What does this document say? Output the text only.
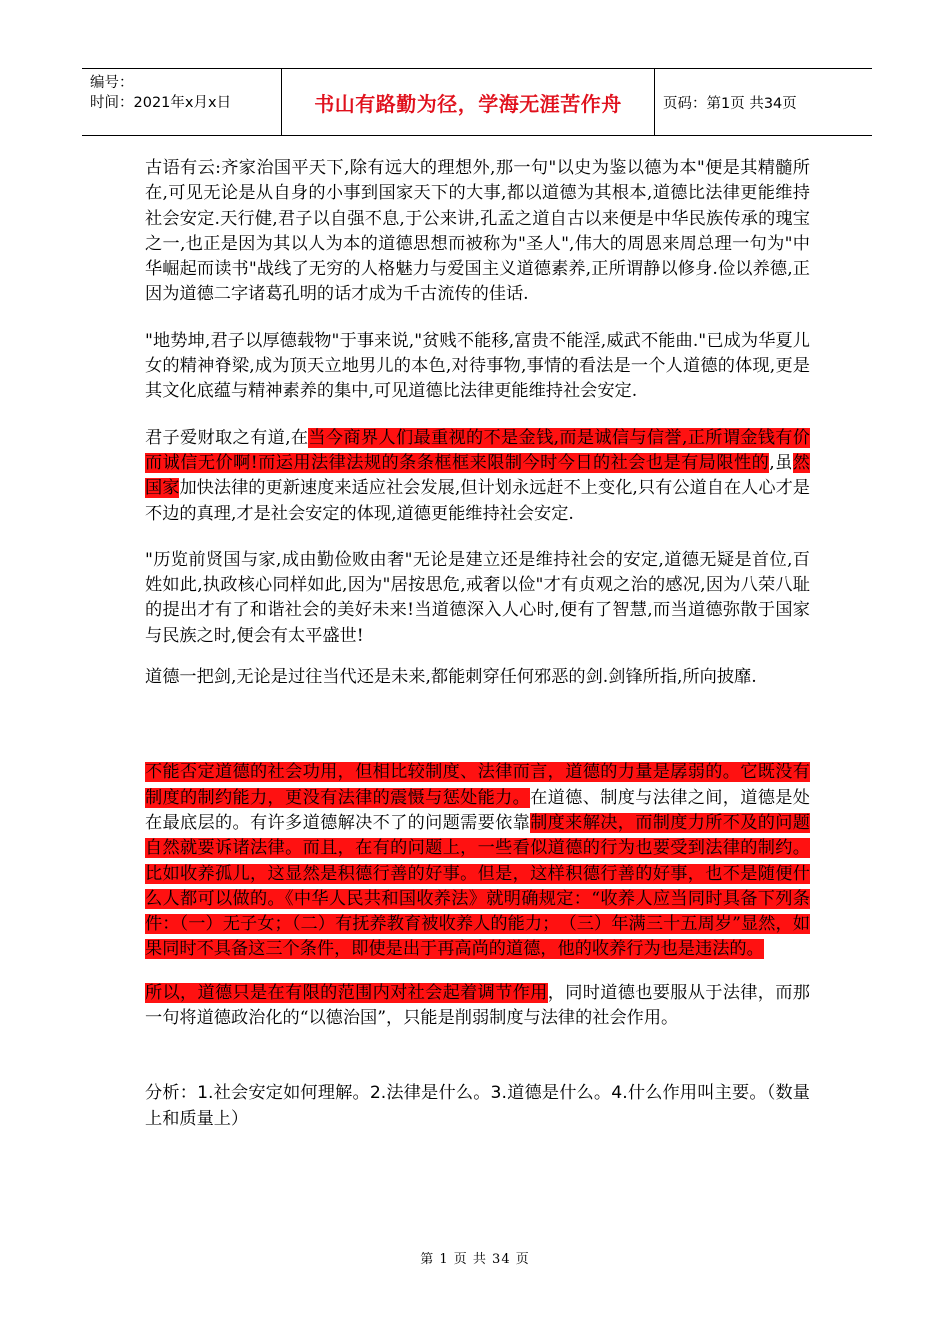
编号：
时间：2021年x月x日	书山有路勤为径，学海无涯苦作舟	页码：第1页 共34页

古语有云:齐家治国平天下,除有远大的理想外,那一句"以史为鉴以德为本"便是其精髓所在,可见无论是从自身的小事到国家天下的大事,都以道德为其根本,道德比法律更能维持社会安定.天行健,君子以自强不息,于公来讲,孔孟之道自古以来便是中华民族传承的瑰宝之一,也正是因为其以人为本的道德思想而被称为"圣人",伟大的周恩来周总理一句为"中华崛起而读书"战线了无穷的人格魅力与爱国主义道德素养,正所谓静以修身.俭以养德,正因为道德二字诸葛孔明的话才成为千古流传的佳话.

"地势坤,君子以厚德载物"于事来说,"贫贱不能移,富贵不能淫,威武不能曲."已成为华夏儿女的精神脊梁,成为顶天立地男儿的本色,对待事物,事情的看法是一个人道德的体现,更是其文化底蕴与精神素养的集中,可见道德比法律更能维持社会安定.

君子爱财取之有道,在当今商界人们最重视的不是金钱,而是诚信与信誉,正所谓金钱有价而诚信无价啊!而运用法律法规的条条框框来限制今时今日的社会也是有局限性的,虽然国家加快法律的更新速度来适应社会发展,但计划永远赶不上变化,只有公道自在人心才是不边的真理,才是社会安定的体现,道德更能维持社会安定.

"历览前贤国与家,成由勤俭败由奢"无论是建立还是维持社会的安定,道德无疑是首位,百姓如此,执政核心同样如此,因为"居按思危,戒奢以俭"才有贞观之治的感况,因为八荣八耻的提出才有了和谐社会的美好未来!当道德深入人心时,便有了智慧,而当道德弥散于国家与民族之时,便会有太平盛世!

道德一把剑,无论是过往当代还是未来,都能刺穿任何邪恶的剑.剑锋所指,所向披靡.

不能否定道德的社会功用，但相比较制度、法律而言，道德的力量是孱弱的。它既没有制度的制约能力，更没有法律的震慑与惩处能力。在道德、制度与法律之间，道德是处在最底层的。有许多道德解决不了的问题需要依靠制度来解决，而制度力所不及的问题自然就要诉诸法律。而且，在有的问题上，一些看似道德的行为也要受到法律的制约。比如收养孤儿，这显然是积德行善的好事。但是，这样积德行善的好事，也不是随便什么人都可以做的。《中华人民共和国收养法》就明确规定：“收养人应当同时具备下列条件：（一）无子女；（二）有抚养教育被收养人的能力；　（三）年满三十五周岁”显然，如果同时不具备这三个条件，即使是出于再高尚的道德，他的收养行为也是违法的。

所以，道德只是在有限的范围内对社会起着调节作用，同时道德也要服从于法律，而那一句将道德政治化的“以德治国”，只能是削弱制度与法律的社会作用。

分析：1.社会安定如何理解。2.法律是什么。3.道德是什么。4.什么作用叫主要。（数量上和质量上）

第 1 页 共 34 页
